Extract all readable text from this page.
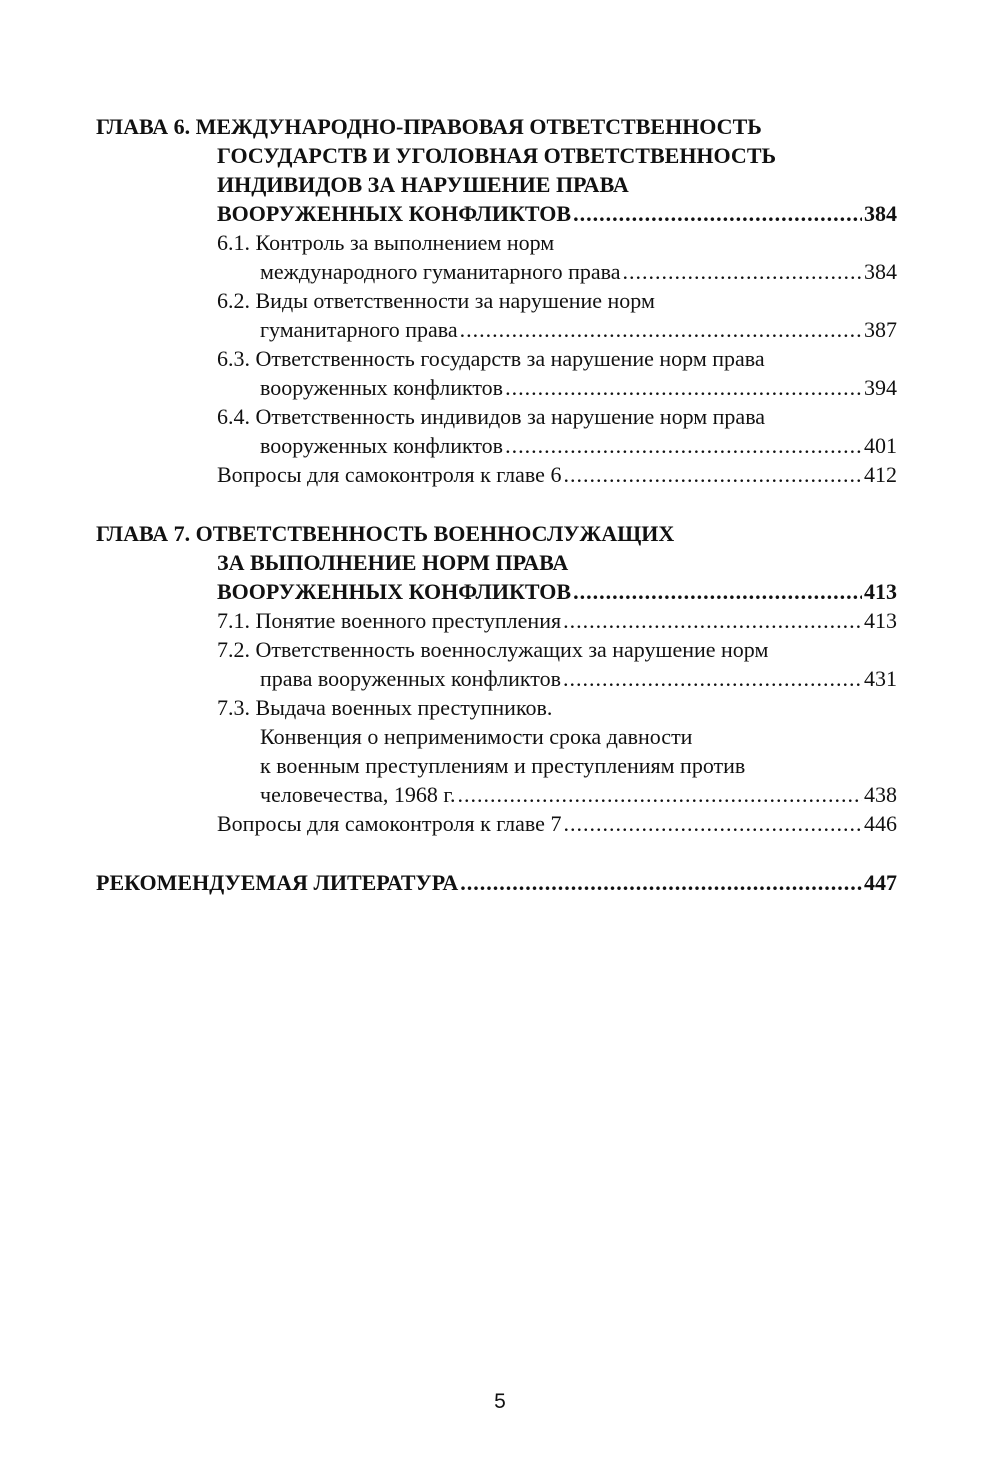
ГЛАВА 6. МЕЖДУНАРОДНО-ПРАВОВАЯ ОТВЕТСТВЕННОСТЬ
ГОСУДАРСТВ И УГОЛОВНАЯ ОТВЕТСТВЕННОСТЬ
ИНДИВИДОВ ЗА НАРУШЕНИЕ ПРАВА
ВООРУЖЕННЫХ КОНФЛИКТОВ .....	384
6.1. Контроль за выполнением норм
международного гуманитарного права .....	384
6.2. Виды ответственности за нарушение норм
гуманитарного права .....	387
6.3. Ответственность государств за нарушение норм права
вооруженных конфликтов .....	394
6.4. Ответственность индивидов за нарушение норм права
вооруженных конфликтов .....	401
Вопросы для самоконтроля к главе 6 .....	412
ГЛАВА 7. ОТВЕТСТВЕННОСТЬ ВОЕННОСЛУЖАЩИХ
ЗА ВЫПОЛНЕНИЕ НОРМ ПРАВА
ВООРУЖЕННЫХ КОНФЛИКТОВ .....	413
7.1. Понятие военного преступления .....	413
7.2. Ответственность военнослужащих за нарушение норм
права вооруженных конфликтов .....	431
7.3. Выдача военных преступников.
Конвенция о неприменимости срока давности
к военным преступлениям и преступлениям против
человечества, 1968 г. .....	438
Вопросы для самоконтроля к главе 7 .....	446
РЕКОМЕНДУЕМАЯ ЛИТЕРАТУРА .....	447
5
